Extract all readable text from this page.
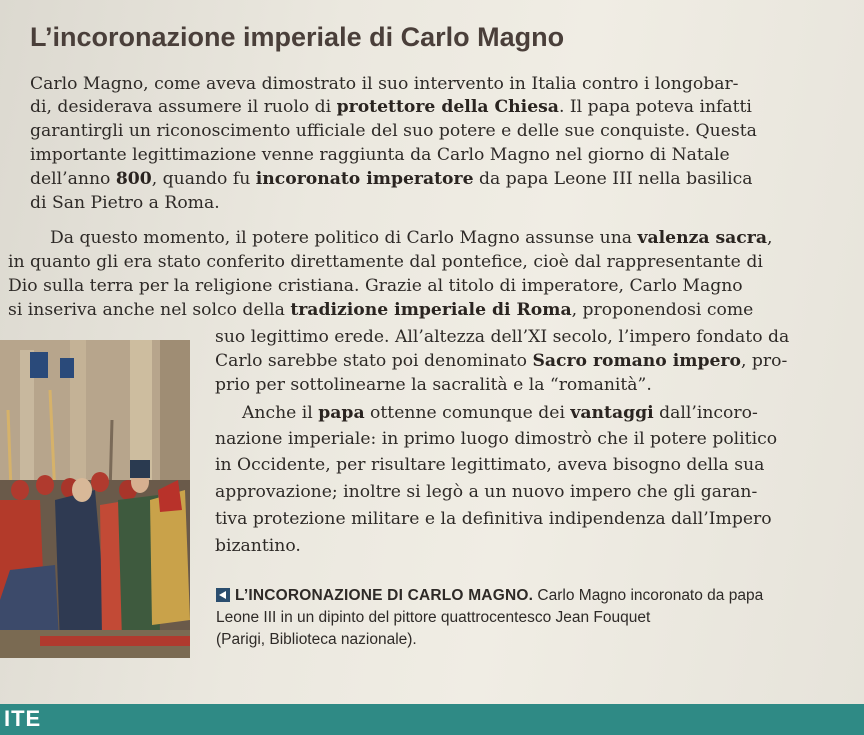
L’incoronazione imperiale di Carlo Magno

Carlo Magno, come aveva dimostrato il suo intervento in Italia contro i longobar-

di, desiderava assumere il ruolo di protettore della Chiesa. Il papa poteva infatti

garantirgli un riconoscimento ufficiale del suo potere e delle sue conquiste. Questa

importante legittimazione venne raggiunta da Carlo Magno nel giorno di Natale

dell’anno 800, quando fu incoronato imperatore da papa Leone III nella basilica

di San Pietro a Roma.

Da questo momento, il potere politico di Carlo Magno assunse una valenza sacra,

in quanto gli era stato conferito direttamente dal pontefice, cioè dal rappresentante di

Dio sulla terra per la religione cristiana. Grazie al titolo di imperatore, Carlo Magno

si inseriva anche nel solco della tradizione imperiale di Roma, proponendosi come

suo legittimo erede. All’altezza dell’XI secolo, l’impero fondato da

Carlo sarebbe stato poi denominato Sacro romano impero, pro-

prio per sottolinearne la sacralità e la “romanità”.

Anche il papa ottenne comunque dei vantaggi dall’incoro-

nazione imperiale: in primo luogo dimostrò che il potere politico

in Occidente, per risultare legittimato, aveva bisogno della sua

approvazione; inoltre si legò a un nuovo impero che gli garan-

tiva protezione militare e la definitiva indipendenza dall’Impero

bizantino.

L’INCORONAZIONE DI CARLO MAGNO. Carlo Magno incoronato da papa

Leone III in un dipinto del pittore quattrocentesco Jean Fouquet

(Parigi, Biblioteca nazionale).

ITE
